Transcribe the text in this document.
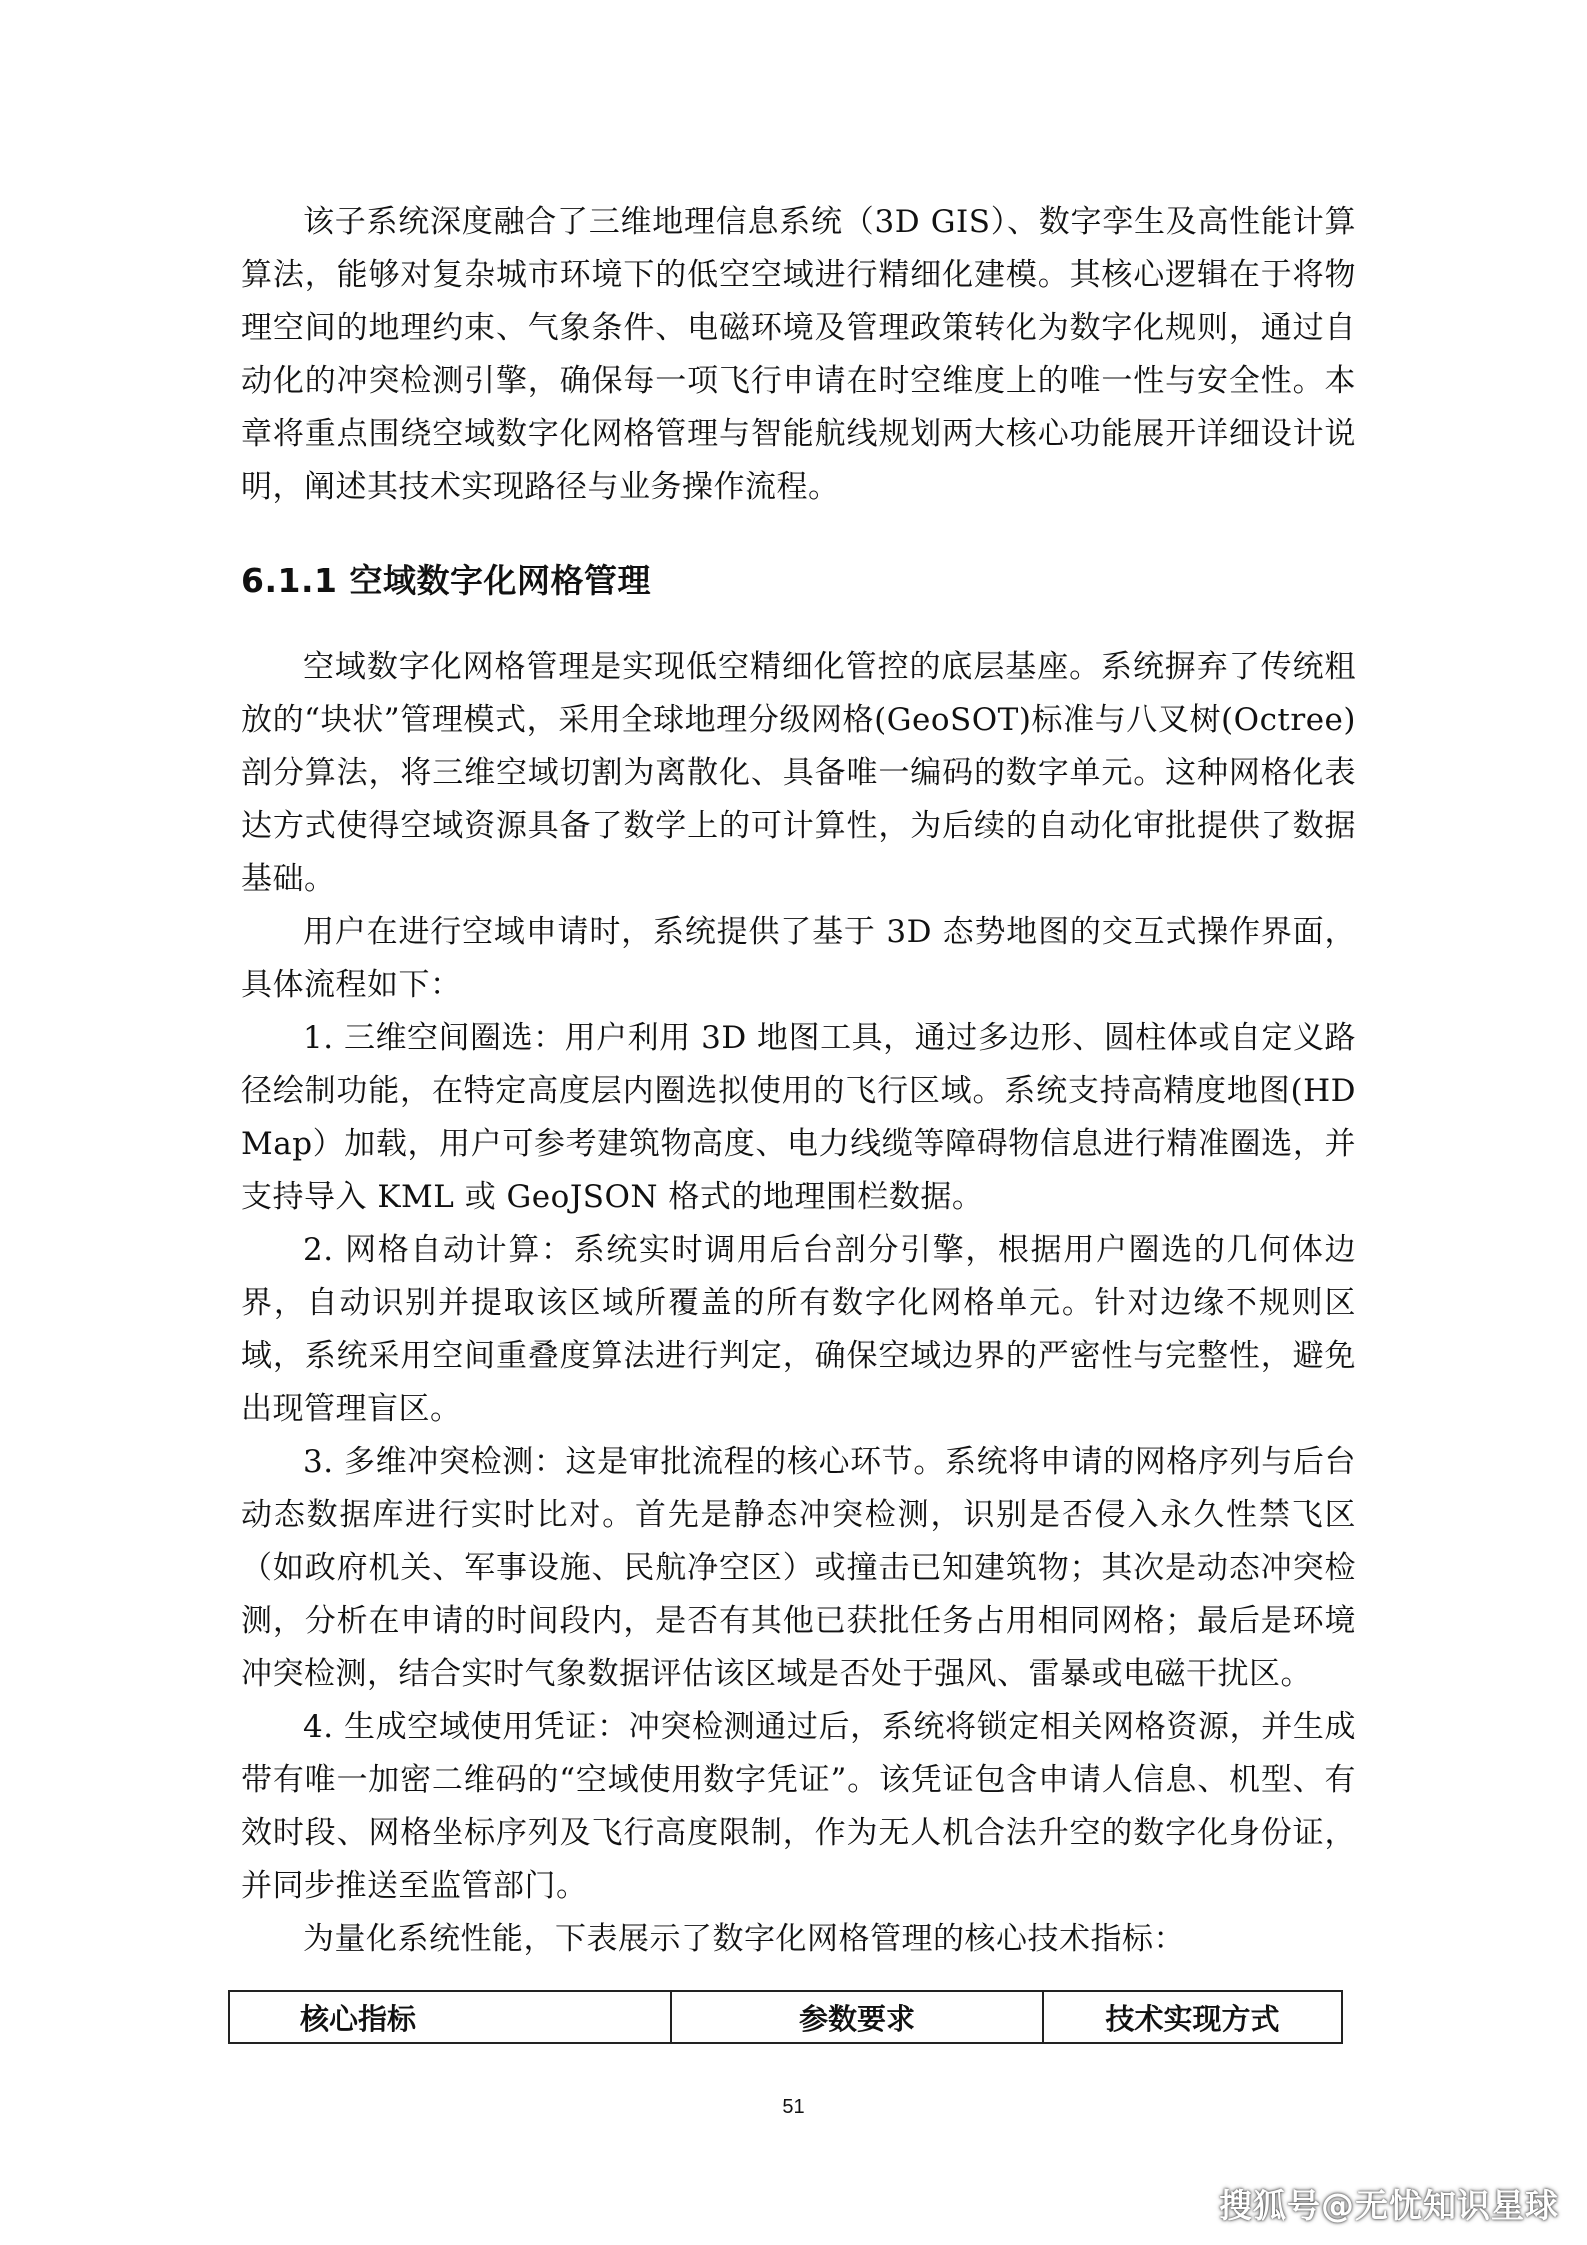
该子系统深度融合了三维地理信息系统（3D GIS）、数字孪生及高性能计算算法，能够对复杂城市环境下的低空空域进行精细化建模。其核心逻辑在于将物理空间的地理约束、气象条件、电磁环境及管理政策转化为数字化规则，通过自动化的冲突检测引擎，确保每一项飞行申请在时空维度上的唯一性与安全性。本章将重点围绕空域数字化网格管理与智能航线规划两大核心功能展开详细设计说明，阐述其技术实现路径与业务操作流程。

6.1.1 空域数字化网格管理

空域数字化网格管理是实现低空精细化管控的底层基座。系统摒弃了传统粗放的“块状”管理模式，采用全球地理分级网格(GeoSOT)标准与八叉树(Octree)剖分算法，将三维空域切割为离散化、具备唯一编码的数字单元。这种网格化表达方式使得空域资源具备了数学上的可计算性，为后续的自动化审批提供了数据基础。

用户在进行空域申请时，系统提供了基于 3D 态势地图的交互式操作界面，具体流程如下：

1. 三维空间圈选：用户利用 3D 地图工具，通过多边形、圆柱体或自定义路径绘制功能，在特定高度层内圈选拟使用的飞行区域。系统支持高精度地图(HD Map）加载，用户可参考建筑物高度、电力线缆等障碍物信息进行精准圈选，并支持导入 KML 或 GeoJSON 格式的地理围栏数据。

2. 网格自动计算：系统实时调用后台剖分引擎，根据用户圈选的几何体边界，自动识别并提取该区域所覆盖的所有数字化网格单元。针对边缘不规则区域，系统采用空间重叠度算法进行判定，确保空域边界的严密性与完整性，避免出现管理盲区。

3. 多维冲突检测：这是审批流程的核心环节。系统将申请的网格序列与后台动态数据库进行实时比对。首先是静态冲突检测，识别是否侵入永久性禁飞区（如政府机关、军事设施、民航净空区）或撞击已知建筑物；其次是动态冲突检测，分析在申请的时间段内，是否有其他已获批任务占用相同网格；最后是环境冲突检测，结合实时气象数据评估该区域是否处于强风、雷暴或电磁干扰区。

4. 生成空域使用凭证：冲突检测通过后，系统将锁定相关网格资源，并生成带有唯一加密二维码的“空域使用数字凭证”。该凭证包含申请人信息、机型、有效时段、网格坐标序列及飞行高度限制，作为无人机合法升空的数字化身份证，并同步推送至监管部门。

为量化系统性能，下表展示了数字化网格管理的核心技术指标：

核心指标	参数要求	技术实现方式
51
搜狐号@无忧知识星球
